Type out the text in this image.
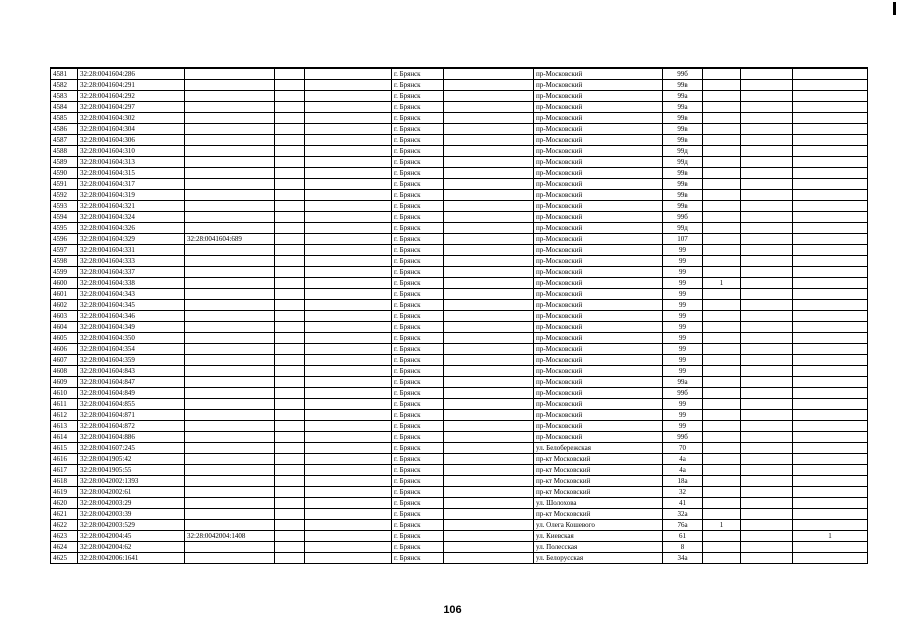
4581	32:28:0041604:286				г. Брянск		пр-Московский	99б			
4582	32:28:0041604:291				г. Брянск		пр-Московский	99в			
4583	32:28:0041604:292				г. Брянск		пр-Московский	99а			
4584	32:28:0041604:297				г. Брянск		пр-Московский	99а			
4585	32:28:0041604:302				г. Брянск		пр-Московский	99в			
4586	32:28:0041604:304				г. Брянск		пр-Московский	99в			
4587	32:28:0041604:306				г. Брянск		пр-Московский	99в			
4588	32:28:0041604:310				г. Брянск		пр-Московский	99д			
4589	32:28:0041604:313				г. Брянск		пр-Московский	99д			
4590	32:28:0041604:315				г. Брянск		пр-Московский	99в			
4591	32:28:0041604:317				г. Брянск		пр-Московский	99в			
4592	32:28:0041604:319				г. Брянск		пр-Московский	99в			
4593	32:28:0041604:321				г. Брянск		пр-Московский	99в			
4594	32:28:0041604:324				г. Брянск		пр-Московский	99б			
4595	32:28:0041604:326				г. Брянск		пр-Московский	99д			
4596	32:28:0041604:329	32:28:0041604:689			г. Брянск		пр-Московский	107			
4597	32:28:0041604:331				г. Брянск		пр-Московский	99			
4598	32:28:0041604:333				г. Брянск		пр-Московский	99			
4599	32:28:0041604:337				г. Брянск		пр-Московский	99			
4600	32:28:0041604:338				г. Брянск		пр-Московский	99	1		
4601	32:28:0041604:343				г. Брянск		пр-Московский	99			
4602	32:28:0041604:345				г. Брянск		пр-Московский	99			
4603	32:28:0041604:346				г. Брянск		пр-Московский	99			
4604	32:28:0041604:349				г. Брянск		пр-Московский	99			
4605	32:28:0041604:350				г. Брянск		пр-Московский	99			
4606	32:28:0041604:354				г. Брянск		пр-Московский	99			
4607	32:28:0041604:359				г. Брянск		пр-Московский	99			
4608	32:28:0041604:843				г. Брянск		пр-Московский	99			
4609	32:28:0041604:847				г. Брянск		пр-Московский	99а			
4610	32:28:0041604:849				г. Брянск		пр-Московский	99б			
4611	32:28:0041604:855				г. Брянск		пр-Московский	99			
4612	32:28:0041604:871				г. Брянск		пр-Московский	99			
4613	32:28:0041604:872				г. Брянск		пр-Московский	99			
4614	32:28:0041604:886				г. Брянск		пр-Московский	99б			
4615	32:28:0041607:245				г. Брянск		ул. Белобережская	70			
4616	32:28:0041905:42				г. Брянск		пр-кт Московский	4а			
4617	32:28:0041905:55				г. Брянск		пр-кт Московский	4а			
4618	32:28:0042002:1393				г. Брянск		пр-кт Московский	18а			
4619	32:28:0042002:61				г. Брянск		пр-кт Московский	32			
4620	32:28:0042003:29				г. Брянск		ул. Шолохова	41			
4621	32:28:0042003:39				г. Брянск		пр-кт Московский	32а			
4622	32:28:0042003:529				г. Брянск		ул. Олега Кошевого	76а	1		
4623	32:28:0042004:45	32:28:0042004:1408			г. Брянск		ул. Киевская	61			1
4624	32:28:0042004:62				г. Брянск		ул. Полесская	8			
4625	32:28:0042006:1641				г. Брянск		ул. Белорусская	34а			
106
